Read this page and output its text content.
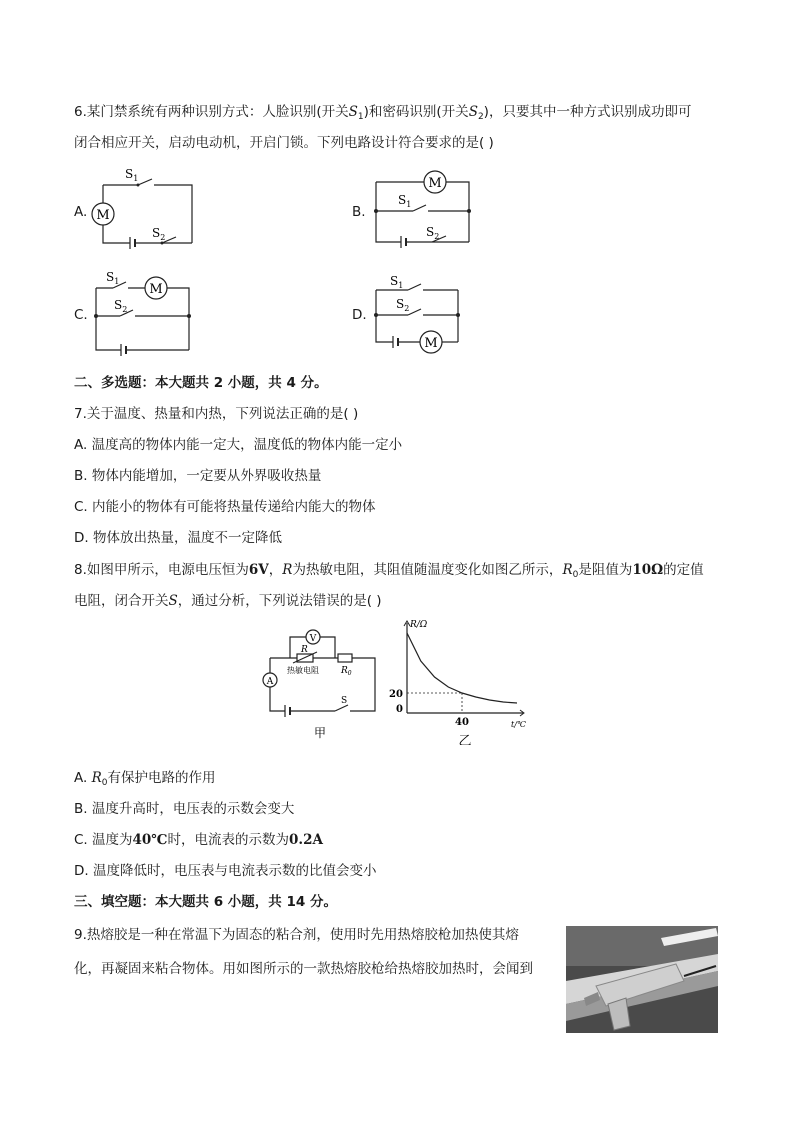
6.某门禁系统有两种识别方式：人脸识别(开关$S_1$)和密码识别(开关$S_2$)，只要其中一种方式识别成功即可
闭合相应开关，启动电动机，开启门锁。下列电路设计符合要求的是( )
A. M
$S_1$
$S_2$
B.
M
$S_1$
$S_2$
C.
M
$S_1$
$S_2$	D.
M
$S_1$
$S_2$
二、多选题：本大题共 2 小题，共 4 分。
7.关于温度、热量和内热，下列说法正确的是( )
A. 温度高的物体内能一定大，温度低的物体内能一定小
B. 物体内能增加，一定要从外界吸收热量
C. 内能小的物体有可能将热量传递给内能大的物体
D. 物体放出热量，温度不一定降低
8.如图甲所示，电源电压恒为6V，R为热敏电阻，其阻值随温度变化如图乙所示，$R_0$是阻值为10Ω的定值
电阻，闭合开关S，通过分析，下列说法错误的是( )
V
A
R
热敏电阻 $R_0$
S
甲
R/Ω
t/℃
0
20
40
乙
A. $R_0$有保护电路的作用
B. 温度升高时，电压表的示数会变大
C. 温度为40℃时，电流表的示数为0.2A
D. 温度降低时，电压表与电流表示数的比值会变小
三、填空题：本大题共 6 小题，共 14 分。
9.热熔胶是一种在常温下为固态的粘合剂，使用时先用热熔胶枪加热使其熔
化，再凝固来粘合物体。用如图所示的一款热熔胶枪给热熔胶加热时，会闻到
